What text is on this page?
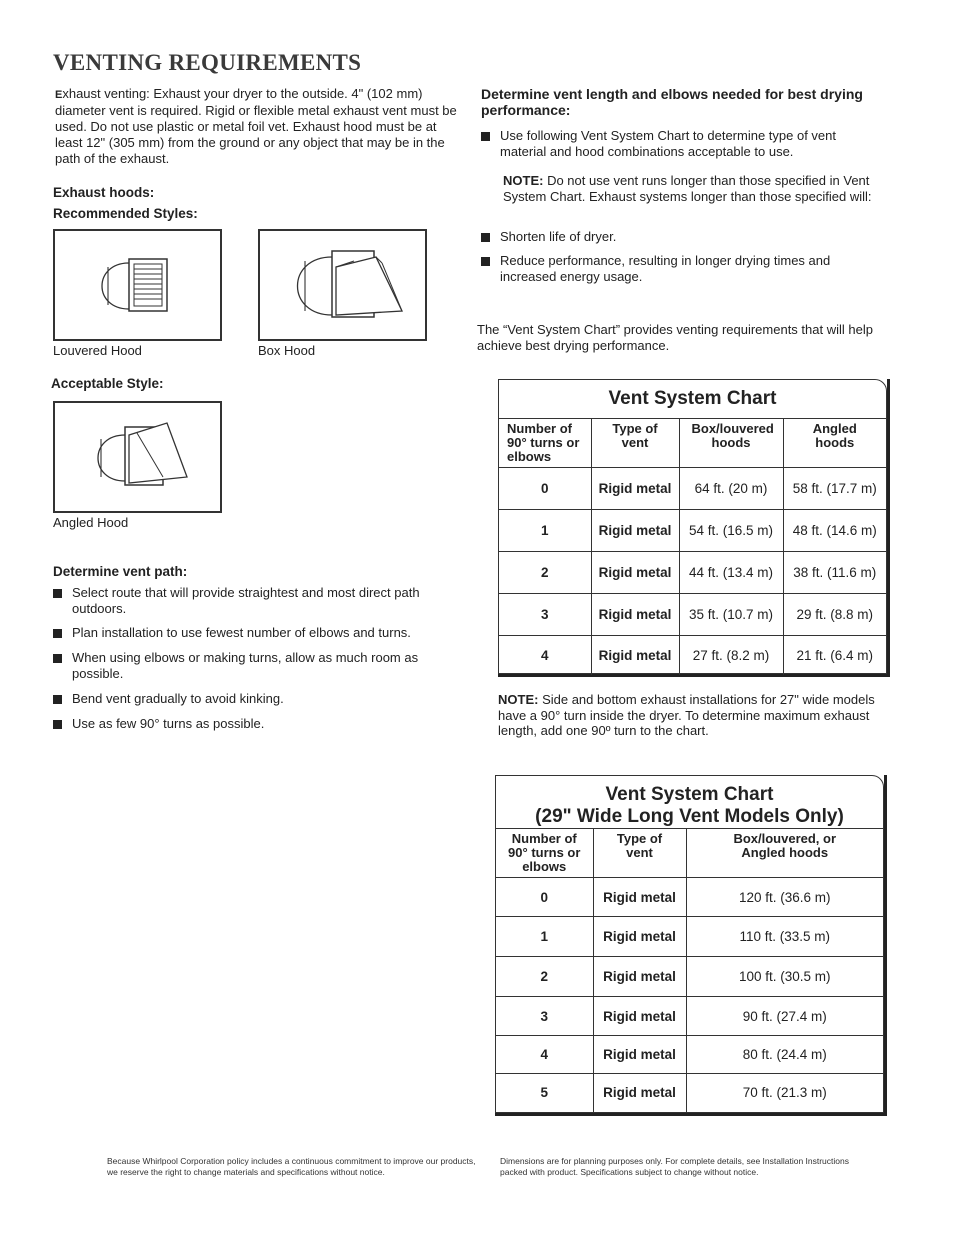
VENTING REQUIREMENTS
Exhaust venting: Exhaust your dryer to the outside. 4" (102 mm) diameter vent is required. Rigid or flexible metal exhaust vent must be used. Do not use plastic or metal foil vet. Exhaust hood must be at least 12" (305 mm) from the ground or any object that may be in the path of the exhaust.
Exhaust hoods:
Recommended Styles:
Louvered Hood	Box Hood
Acceptable Style:
Angled Hood
Determine vent path:
Select route that will provide straightest and most direct path outdoors.
Plan installation to use fewest number of elbows and turns.
When using elbows or making turns, allow as much room as possible.
Bend vent gradually to avoid kinking.
Use as few 90° turns as possible.
Determine vent length and elbows needed for best drying performance:
Use following Vent System Chart to determine type of vent material and hood combinations acceptable to use.
NOTE: Do not use vent runs longer than those specified in Vent System Chart. Exhaust systems longer than those specified will:
Shorten life of dryer.
Reduce performance, resulting in longer drying times and increased energy usage.
The “Vent System Chart” provides venting requirements that will help achieve best drying performance.
Vent System Chart
Number of 90° turns or elbows	Type of vent	Box/louvered hoods	Angled hoods
0	Rigid metal	64 ft. (20 m)	58 ft. (17.7 m)
1	Rigid metal	54 ft. (16.5 m)	48 ft. (14.6 m)
2	Rigid metal	44 ft. (13.4 m)	38 ft. (11.6 m)
3	Rigid metal	35 ft. (10.7 m)	29 ft. (8.8 m)
4	Rigid metal	27 ft. (8.2 m)	21 ft. (6.4 m)
NOTE: Side and bottom exhaust installations for 27" wide models have a 90° turn inside the dryer. To determine maximum exhaust length, add one 90º turn to the chart.
Vent System Chart
(29" Wide Long Vent Models Only)
Number of 90° turns or elbows	Type of vent	Box/louvered, or Angled hoods
0	Rigid metal	120 ft. (36.6 m)
1	Rigid metal	110 ft. (33.5 m)
2	Rigid metal	100 ft. (30.5 m)
3	Rigid metal	90 ft. (27.4 m)
4	Rigid metal	80 ft. (24.4 m)
5	Rigid metal	70 ft. (21.3 m)
Because Whirlpool Corporation policy includes a continuous commitment to improve our products, we reserve the right to change materials and specifications without notice.
Dimensions are for planning purposes only. For complete details, see Installation Instructions packed with product. Specifications subject to change without notice.
